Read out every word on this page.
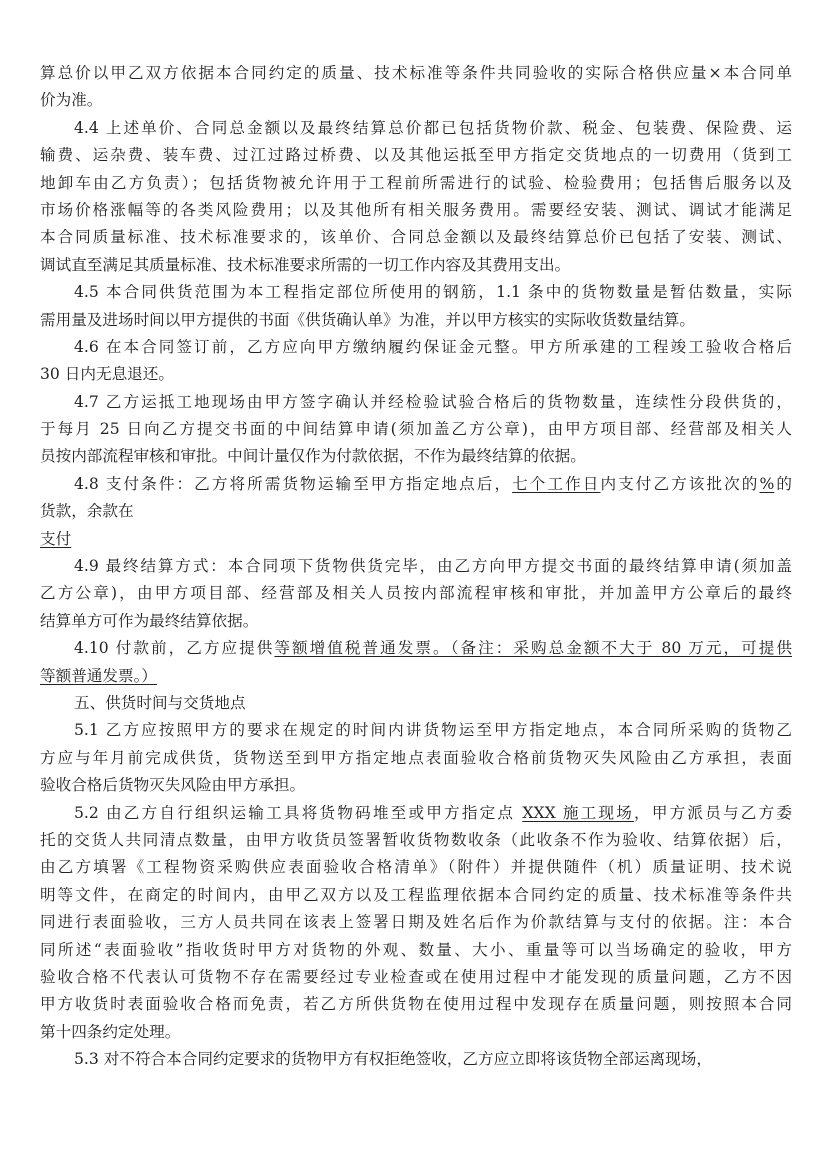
算总价以甲乙双方依据本合同约定的质量、技术标准等条件共同验收的实际合格供应量×本合同单
价为准。
4.4 上述单价、合同总金额以及最终结算总价都已包括货物价款、税金、包装费、保险费、运
输费、运杂费、装车费、过江过路过桥费、以及其他运抵至甲方指定交货地点的一切费用（货到工
地卸车由乙方负责）；包括货物被允许用于工程前所需进行的试验、检验费用；包括售后服务以及
市场价格涨幅等的各类风险费用；以及其他所有相关服务费用。需要经安装、测试、调试才能满足
本合同质量标准、技术标准要求的，该单价、合同总金额以及最终结算总价已包括了安装、测试、
调试直至满足其质量标准、技术标准要求所需的一切工作内容及其费用支出。
4.5 本合同供货范围为本工程指定部位所使用的钢筋，1.1 条中的货物数量是暂估数量，实际
需用量及进场时间以甲方提供的书面《供货确认单》为准，并以甲方核实的实际收货数量结算。
4.6 在本合同签订前，乙方应向甲方缴纳履约保证金元整。甲方所承建的工程竣工验收合格后
30 日内无息退还。
4.7 乙方运抵工地现场由甲方签字确认并经检验试验合格后的货物数量，连续性分段供货的，
于每月 25 日向乙方提交书面的中间结算申请(须加盖乙方公章)，由甲方项目部、经营部及相关人
员按内部流程审核和审批。中间计量仅作为付款依据，不作为最终结算的依据。
4.8 支付条件：乙方将所需货物运输至甲方指定地点后，七个工作日内支付乙方该批次的%的
货款，余款在
支付
4.9 最终结算方式：本合同项下货物供货完毕，由乙方向甲方提交书面的最终结算申请(须加盖
乙方公章)，由甲方项目部、经营部及相关人员按内部流程审核和审批，并加盖甲方公章后的最终
结算单方可作为最终结算依据。
4.10 付款前，乙方应提供等额增值税普通发票。（备注：采购总金额不大于 80 万元，可提供
等额普通发票。）
五、供货时间与交货地点
5.1 乙方应按照甲方的要求在规定的时间内讲货物运至甲方指定地点，本合同所采购的货物乙
方应与年月前完成供货，货物送至到甲方指定地点表面验收合格前货物灭失风险由乙方承担，表面
验收合格后货物灭失风险由甲方承担。
5.2 由乙方自行组织运输工具将货物码堆至或甲方指定点 XXX 施工现场，甲方派员与乙方委
托的交货人共同清点数量，由甲方收货员签署暂收货物数收条（此收条不作为验收、结算依据）后，
由乙方填署《工程物资采购供应表面验收合格清单》（附件）并提供随件（机）质量证明、技术说
明等文件，在商定的时间内，由甲乙双方以及工程监理依据本合同约定的质量、技术标准等条件共
同进行表面验收，三方人员共同在该表上签署日期及姓名后作为价款结算与支付的依据。注：本合
同所述“表面验收”指收货时甲方对货物的外观、数量、大小、重量等可以当场确定的验收，甲方
验收合格不代表认可货物不存在需要经过专业检查或在使用过程中才能发现的质量问题，乙方不因
甲方收货时表面验收合格而免责，若乙方所供货物在使用过程中发现存在质量问题，则按照本合同
第十四条约定处理。
5.3 对不符合本合同约定要求的货物甲方有权拒绝签收，乙方应立即将该货物全部运离现场，
